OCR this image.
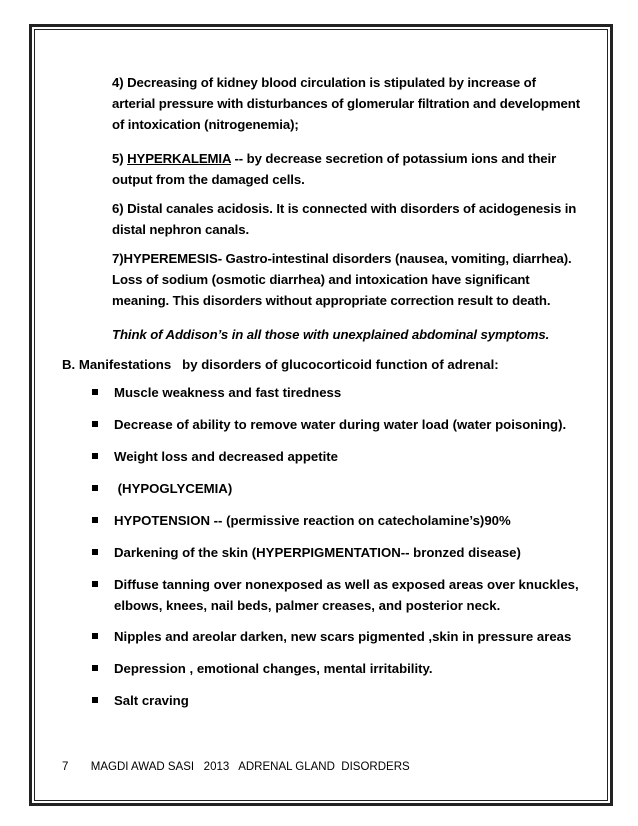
4) Decreasing of kidney blood circulation is stipulated by increase of arterial pressure with disturbances of glomerular filtration and development of intoxication (nitrogenemia);

5) HYPERKALEMIA -- by decrease secretion of potassium ions and their output from the damaged cells.

6) Distal canales acidosis. It is connected with disorders of acidogenesis in distal nephron canals.

7)HYPEREMESIS- Gastro-intestinal disorders (nausea, vomiting, diarrhea). Loss of sodium (osmotic diarrhea) and intoxication have significant meaning. This disorders without appropriate correction result to death.

Think of Addison’s in all those with unexplained abdominal symptoms.

B. Manifestations   by disorders of glucocorticoid function of adrenal:

Muscle weakness and fast tiredness
Decrease of ability to remove water during water load (water poisoning).
Weight loss and decreased appetite
(HYPOGLYCEMIA)
HYPOTENSION -- (permissive reaction on catecholamine’s)90%
Darkening of the skin (HYPERPIGMENTATION-- bronzed disease)
Diffuse tanning over nonexposed as well as exposed areas over knuckles, elbows, knees, nail beds, palmer creases, and posterior neck.
Nipples and areolar darken, new scars pigmented ,skin in pressure areas
Depression , emotional changes, mental irritability.
Salt craving
7 MAGDI AWAD SASI   2013   ADRENAL GLAND  DISORDERS
